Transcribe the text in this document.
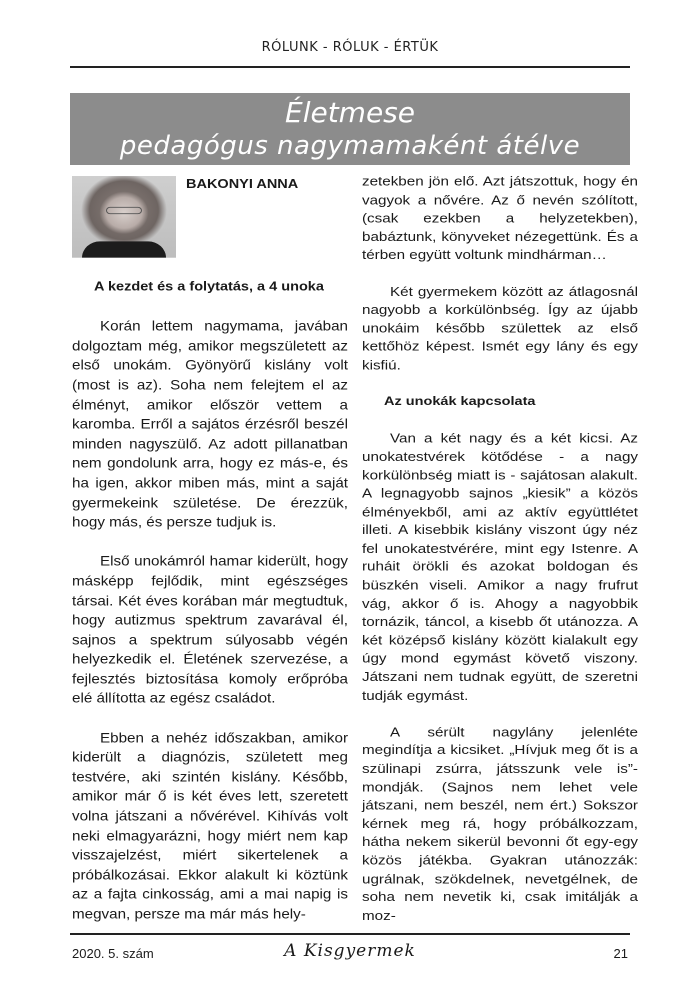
RÓLUNK - RÓLUK - ÉRTÜK
Életmese
pedagógus nagymamaként átélve
BAKONYI ANNA

A kezdet és a folytatás, a 4 unoka

Korán lettem nagymama, javában dolgoztam még, amikor megszületett az első unokám. Gyönyörű kislány volt (most is az). Soha nem felejtem el az élményt, amikor először vettem a karomba. Erről a sajátos érzésről beszél minden nagyszülő. Az adott pillanatban nem gondolunk arra, hogy ez más-e, és ha igen, akkor miben más, mint a saját gyermekeink születése. De érezzük, hogy más, és persze tudjuk is.

Első unokámról hamar kiderült, hogy másképp fejlődik, mint egészséges társai. Két éves korában már megtudtuk, hogy autizmus spektrum zavarával él, sajnos a spektrum súlyosabb végén helyezkedik el. Életének szervezése, a fejlesztés biztosítása komoly erőpróba elé állította az egész családot.

Ebben a nehéz időszakban, amikor kiderült a diagnózis, született meg testvére, aki szintén kislány. Később, amikor már ő is két éves lett, szeretett volna játszani a nővérével. Kihívás volt neki elmagyarázni, hogy miért nem kap visszajelzést, miért sikertelenek a próbálkozásai. Ekkor alakult ki köztünk az a fajta cinkosság, ami a mai napig is megvan, persze ma már más hely-

zetekben jön elő. Azt játszottuk, hogy én vagyok a nővére. Az ő nevén szólított, (csak ezekben a helyzetekben), babáztunk, könyveket nézegettünk. És a térben együtt voltunk mindhárman…

Két gyermekem között az átlagosnál nagyobb a korkülönbség. Így az újabb unokáim később születtek az első kettőhöz képest. Ismét egy lány és egy kisfiú.

Az unokák kapcsolata

Van a két nagy és a két kicsi. Az unokatestvérek kötődése - a nagy korkülönbség miatt is - sajátosan alakult. A legnagyobb sajnos „kiesik” a közös élményekből, ami az aktív együttlétet illeti. A kisebbik kislány viszont úgy néz fel unokatestvérére, mint egy Istenre. A ruháit örökli és azokat boldogan és büszkén viseli. Amikor a nagy frufrut vág, akkor ő is. Ahogy a nagyobbik tornázik, táncol, a kisebb őt utánozza. A két középső kislány között kialakult egy úgy mond egymást követő viszony. Játszani nem tudnak együtt, de szeretni tudják egymást.

A sérült nagylány jelenléte megindítja a kicsiket. „Hívjuk meg őt is a szülinapi zsúrra, játsszunk vele is”- mondják. (Sajnos nem lehet vele játszani, nem beszél, nem ért.) Sokszor kérnek meg rá, hogy próbálkozzam, hátha nekem sikerül bevonni őt egy-egy közös játékba. Gyakran utánozzák: ugrálnak, szökdelnek, nevetgélnek, de soha nem nevetik ki, csak imitálják a moz-

2020. 5. szám	A Kisgyermek	21
